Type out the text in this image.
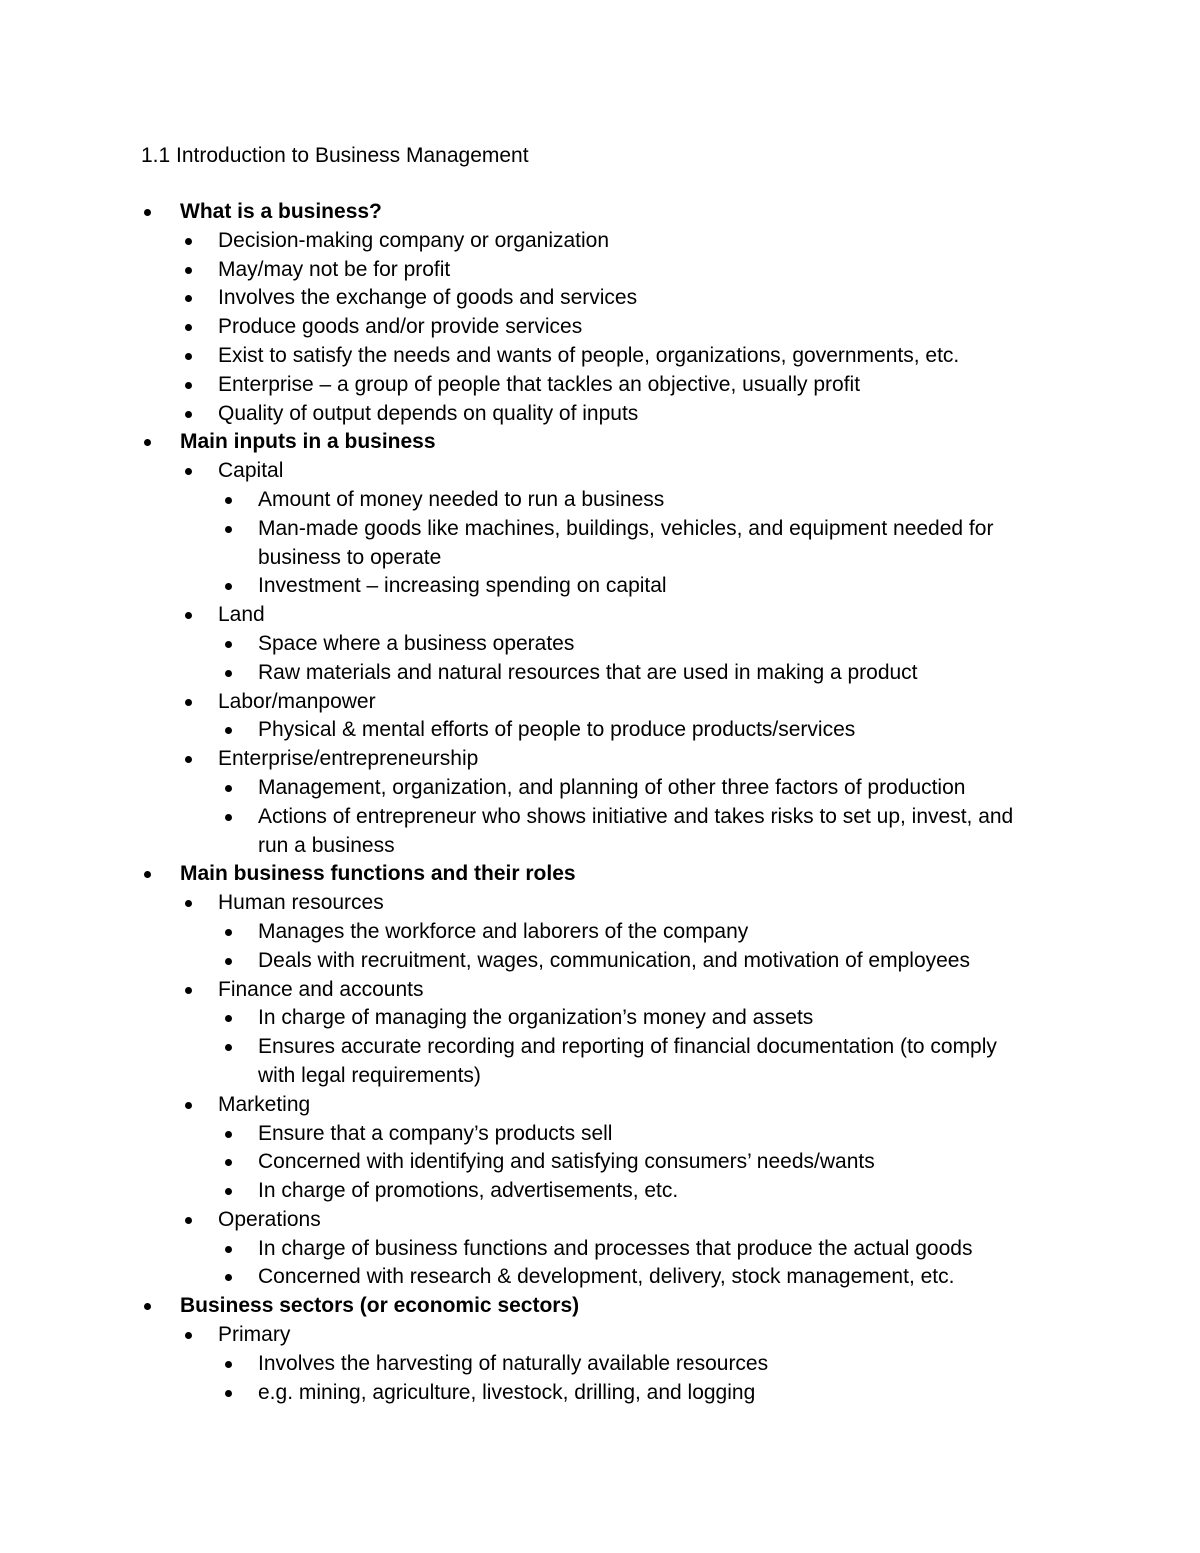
1.1 Introduction to Business Management
What is a business?
Decision-making company or organization
May/may not be for profit
Involves the exchange of goods and services
Produce goods and/or provide services
Exist to satisfy the needs and wants of people, organizations, governments, etc.
Enterprise – a group of people that tackles an objective, usually profit
Quality of output depends on quality of inputs
Main inputs in a business
Capital
Amount of money needed to run a business
Man-made goods like machines, buildings, vehicles, and equipment needed for
business to operate
Investment – increasing spending on capital
Land
Space where a business operates
Raw materials and natural resources that are used in making a product
Labor/manpower
Physical & mental efforts of people to produce products/services
Enterprise/entrepreneurship
Management, organization, and planning of other three factors of production
Actions of entrepreneur who shows initiative and takes risks to set up, invest, and
run a business
Main business functions and their roles
Human resources
Manages the workforce and laborers of the company
Deals with recruitment, wages, communication, and motivation of employees
Finance and accounts
In charge of managing the organization’s money and assets
Ensures accurate recording and reporting of financial documentation (to comply
with legal requirements)
Marketing
Ensure that a company’s products sell
Concerned with identifying and satisfying consumers’ needs/wants
In charge of promotions, advertisements, etc.
Operations
In charge of business functions and processes that produce the actual goods
Concerned with research & development, delivery, stock management, etc.
Business sectors (or economic sectors)
Primary
Involves the harvesting of naturally available resources
e.g. mining, agriculture, livestock, drilling, and logging
